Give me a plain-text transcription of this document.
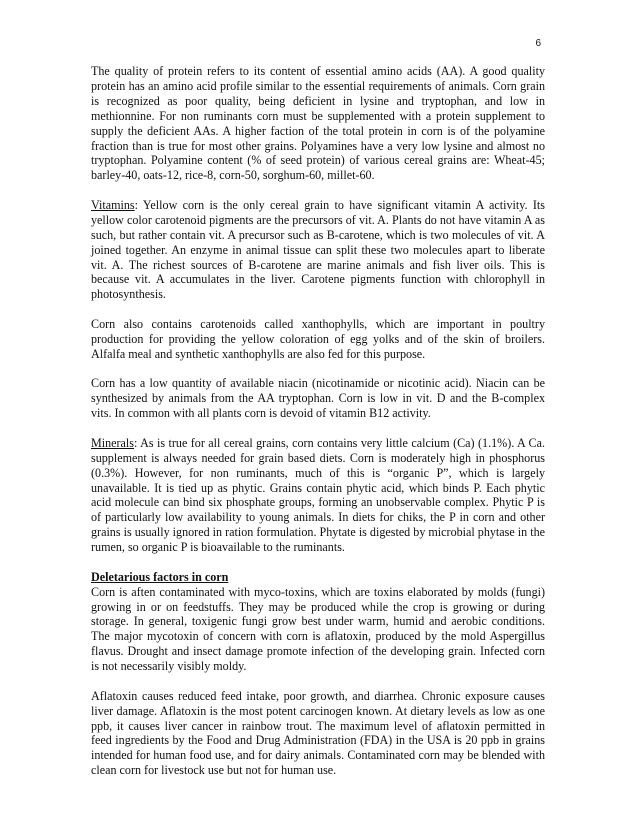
6

The quality of protein refers to its content of essential amino acids (AA). A good quality protein has an amino acid profile similar to the essential requirements of animals. Corn grain is recognized as poor quality, being deficient in lysine and tryptophan, and low in methionnine. For non ruminants corn must be supplemented with a protein supplement to supply the deficient AAs. A higher faction of the total protein in corn is of the polyamine fraction than is true for most other grains. Polyamines have a very low lysine and almost no tryptophan. Polyamine content (% of seed protein) of various cereal grains are: Wheat-45; barley-40, oats-12, rice-8, corn-50, sorghum-60, millet-60.

Vitamins: Yellow corn is the only cereal grain to have significant vitamin A activity. Its yellow color carotenoid pigments are the precursors of vit. A. Plants do not have vitamin A as such, but rather contain vit. A precursor such as B-carotene, which is two molecules of vit. A joined together. An enzyme in animal tissue can split these two molecules apart to liberate vit. A. The richest sources of B-carotene are marine animals and fish liver oils. This is because vit. A accumulates in the liver. Carotene pigments function with chlorophyll in photosynthesis.

Corn also contains carotenoids called xanthophylls, which are important in poultry production for providing the yellow coloration of egg yolks and of the skin of broilers. Alfalfa meal and synthetic xanthophylls are also fed for this purpose.

Corn has a low quantity of available niacin (nicotinamide or nicotinic acid). Niacin can be synthesized by animals from the AA tryptophan. Corn is low in vit. D and the B-complex vits. In common with all plants corn is devoid of vitamin B12 activity.

Minerals: As is true for all cereal grains, corn contains very little calcium (Ca) (1.1%). A Ca. supplement is always needed for grain based diets. Corn is moderately high in phosphorus (0.3%). However, for non ruminants, much of this is “organic P”, which is largely unavailable. It is tied up as phytic. Grains contain phytic acid, which binds P. Each phytic acid molecule can bind six phosphate groups, forming an unobservable complex. Phytic P is of particularly low availability to young animals. In diets for chiks, the P in corn and other grains is usually ignored in ration formulation. Phytate is digested by microbial phytase in the rumen, so organic P is bioavailable to the ruminants.

Deletarious factors in corn

Corn is aften contaminated with myco-toxins, which are toxins elaborated by molds (fungi) growing in or on feedstuffs. They may be produced while the crop is growing or during storage. In general, toxigenic fungi grow best under warm, humid and aerobic conditions. The major mycotoxin of concern with corn is aflatoxin, produced by the mold Aspergillus flavus. Drought and insect damage promote infection of the developing grain. Infected corn is not necessarily visibly moldy.

Aflatoxin causes reduced feed intake, poor growth, and diarrhea. Chronic exposure causes liver damage. Aflatoxin is the most potent carcinogen known. At dietary levels as low as one ppb, it causes liver cancer in rainbow trout. The maximum level of aflatoxin permitted in feed ingredients by the Food and Drug Administration (FDA) in the USA is 20 ppb in grains intended for human food use, and for dairy animals. Contaminated corn may be blended with clean corn for livestock use but not for human use.
